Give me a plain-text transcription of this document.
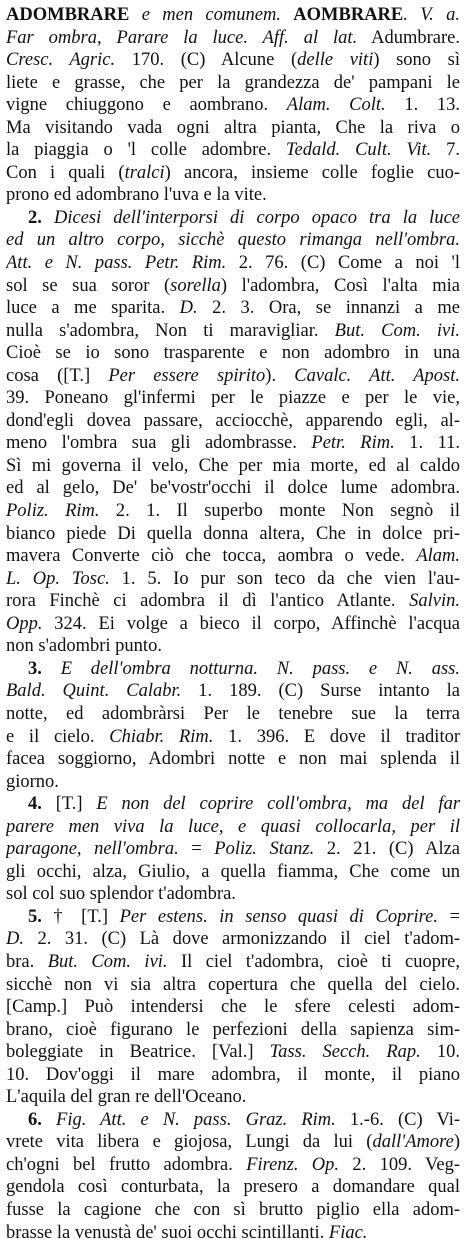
ADOMBRARE e men comunem. AOMBRARE. V. a.
Far ombra, Parare la luce. Aff. al lat. Adumbrare.
Cresc. Agric. 170. (C) Alcune (delle viti) sono sì
liete e grasse, che per la grandezza de' pampani le
vigne chiuggono e aombrano. Alam. Colt. 1. 13.
Ma visitando vada ogni altra pianta, Che la riva o
la piaggia o 'l colle adombre. Tedald. Cult. Vit. 7.
Con i quali (tralci) ancora, insieme colle foglie cuo-
prono ed adombrano l'uva e la vite.
2. Dicesi dell'interporsi di corpo opaco tra la luce
ed un altro corpo, sicchè questo rimanga nell'ombra.
Att. e N. pass. Petr. Rim. 2. 76. (C) Come a noi 'l
sol se sua soror (sorella) l'adombra, Così l'alta mia
luce a me sparita. D. 2. 3. Ora, se innanzi a me
nulla s'adombra, Non ti maravigliar. But. Com. ivi.
Cioè se io sono trasparente e non adombro in una
cosa ([T.] Per essere spirito). Cavalc. Att. Apost.
39. Poneano gl'infermi per le piazze e per le vie,
dond'egli dovea passare, acciocchè, apparendo egli, al-
meno l'ombra sua gli adombrasse. Petr. Rim. 1. 11.
Sì mi governa il velo, Che per mia morte, ed al caldo
ed al gelo, De' be'vostr'occhi il dolce lume adombra.
Poliz. Rim. 2. 1. Il superbo monte Non segnò il
bianco piede Di quella donna altera, Che in dolce pri-
mavera Converte ciò che tocca, aombra o vede. Alam.
L. Op. Tosc. 1. 5. Io pur son teco da che vien l'au-
rora Finchè ci adombra il dì l'antico Atlante. Salvin.
Opp. 324. Ei volge a bieco il corpo, Affinchè l'acqua
non s'adombri punto.
3. E dell'ombra notturna. N. pass. e N. ass.
Bald. Quint. Calabr. 1. 189. (C) Surse intanto la
notte, ed adombràrsi Per le tenebre sue la terra
e il cielo. Chiabr. Rim. 1. 396. E dove il traditor
facea soggiorno, Adombri notte e non mai splenda il
giorno.
4. [T.] E non del coprire coll'ombra, ma del far
parere men viva la luce, e quasi collocarla, per il
paragone, nell'ombra. = Poliz. Stanz. 2. 21. (C) Alza
gli occhi, alza, Giulio, a quella fiamma, Che come un
sol col suo splendor t'adombra.
5. † [T.] Per estens. in senso quasi di Coprire. =
D. 2. 31. (C) Là dove armonizzando il ciel t'adom-
bra. But. Com. ivi. Il ciel t'adombra, cioè ti cuopre,
sicchè non vi sia altra copertura che quella del cielo.
[Camp.] Può intendersi che le sfere celesti adom-
brano, cioè figurano le perfezioni della sapienza sim-
boleggiate in Beatrice. [Val.] Tass. Secch. Rap. 10.
10. Dov'oggi il mare adombra, il monte, il piano
L'aquila del gran re dell'Oceano.
6. Fig. Att. e N. pass. Graz. Rim. 1.-6. (C) Vi-
vrete vita libera e giojosa, Lungi da lui (dall'Amore)
ch'ogni bel frutto adombra. Firenz. Op. 2. 109. Veg-
gendola così conturbata, la presero a domandare qual
fusse la cagione che con sì brutto piglio ella adom-
brasse la venustà de' suoi occhi scintillanti. Fiac.
